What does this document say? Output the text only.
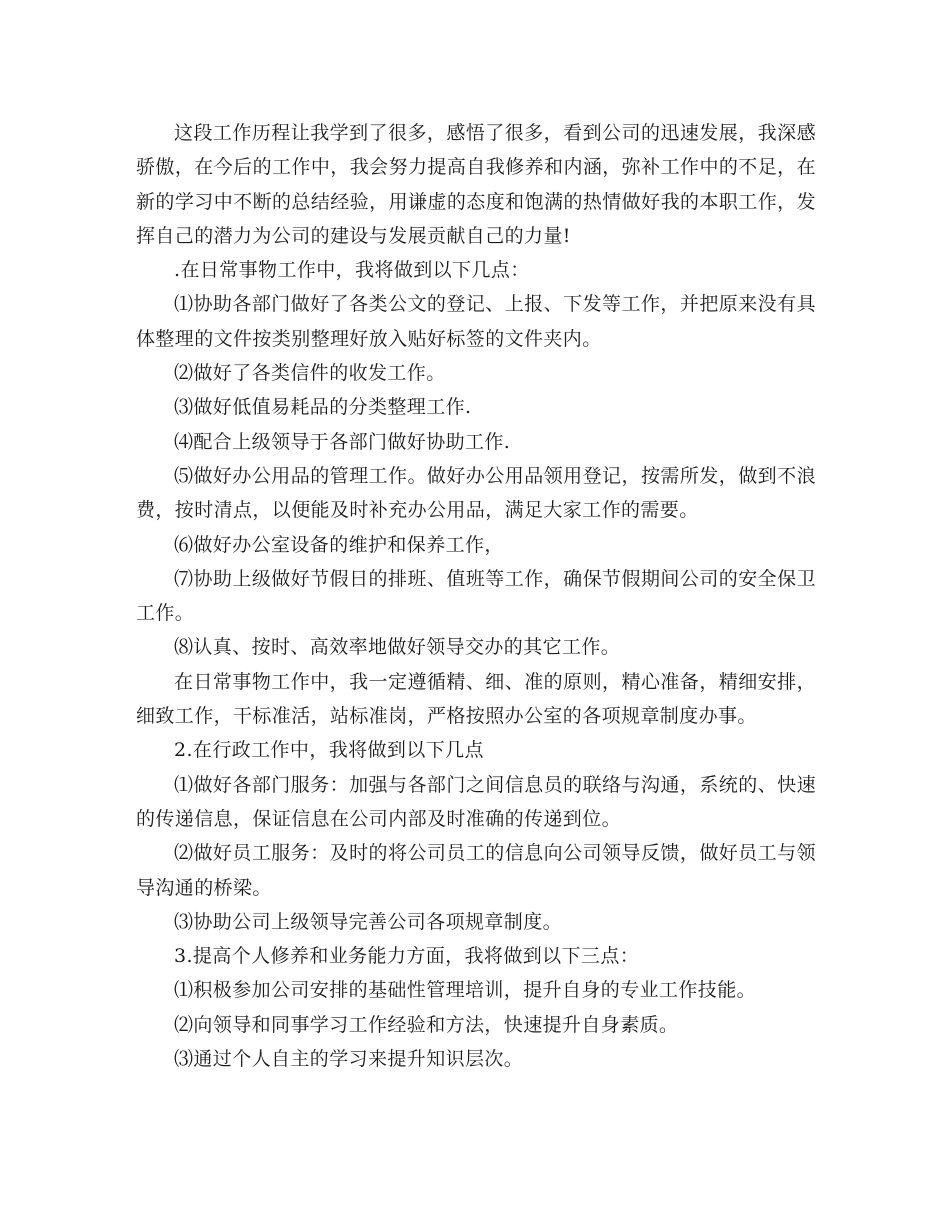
这段工作历程让我学到了很多，感悟了很多，看到公司的迅速发展，我深感骄傲，在今后的工作中，我会努力提高自我修养和内涵，弥补工作中的不足，在新的学习中不断的总结经验，用谦虚的态度和饱满的热情做好我的本职工作，发挥自己的潜力为公司的建设与发展贡献自己的力量!

.在日常事物工作中，我将做到以下几点：

⑴协助各部门做好了各类公文的登记、上报、下发等工作，并把原来没有具体整理的文件按类别整理好放入贴好标签的文件夹内。

⑵做好了各类信件的收发工作。

⑶做好低值易耗品的分类整理工作.

⑷配合上级领导于各部门做好协助工作.

⑸做好办公用品的管理工作。做好办公用品领用登记，按需所发，做到不浪费，按时清点，以便能及时补充办公用品，满足大家工作的需要。

⑹做好办公室设备的维护和保养工作，

⑺协助上级做好节假日的排班、值班等工作，确保节假期间公司的安全保卫工作。

⑻认真、按时、高效率地做好领导交办的其它工作。

在日常事物工作中，我一定遵循精、细、准的原则，精心准备，精细安排，细致工作，干标准活，站标准岗，严格按照办公室的各项规章制度办事。

2.在行政工作中，我将做到以下几点

⑴做好各部门服务：加强与各部门之间信息员的联络与沟通，系统的、快速的传递信息，保证信息在公司内部及时准确的传递到位。

⑵做好员工服务：及时的将公司员工的信息向公司领导反馈，做好员工与领导沟通的桥梁。

⑶协助公司上级领导完善公司各项规章制度。

3.提高个人修养和业务能力方面，我将做到以下三点：

⑴积极参加公司安排的基础性管理培训，提升自身的专业工作技能。

⑵向领导和同事学习工作经验和方法，快速提升自身素质。

⑶通过个人自主的学习来提升知识层次。
